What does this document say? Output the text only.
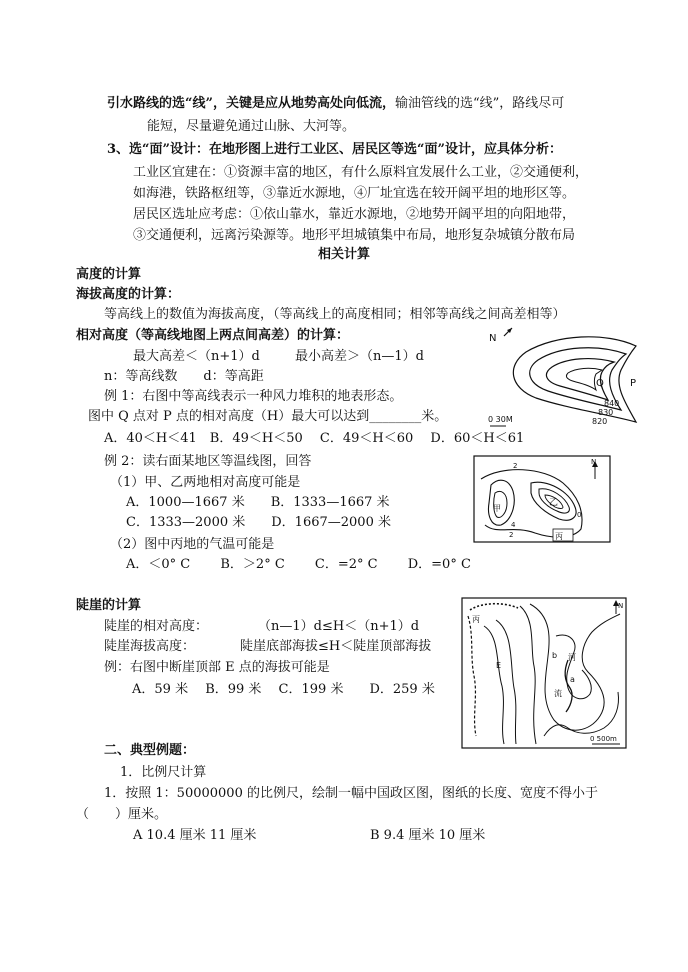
引水路线的选“线”，关键是应从地势高处向低流，输油管线的选“线”，路线尽可
能短，尽量避免通过山脉、大河等。
3、选“面”设计：在地形图上进行工业区、居民区等选“面”设计，应具体分析：
工业区宜建在：①资源丰富的地区，有什么原料宜发展什么工业，②交通便利，
如海港，铁路枢纽等，③靠近水源地，④厂址宜选在较开阔平坦的地形区等。
居民区选址应考虑：①依山靠水，靠近水源地，②地势开阔平坦的向阳地带，
③交通便利，远离污染源等。地形平坦城镇集中布局，地形复杂城镇分散布局
相关计算
高度的计算
海拔高度的计算：
等高线上的数值为海拔高度，（等高线上的高度相同；相邻等高线之间高差相等）
相对高度（等高线地图上两点间高差）的计算：
最大高差＜（n+1）d	最小高差＞（n—1）d
n：等高线数　　d：等高距
例 1：右图中等高线表示一种风力堆积的地表形态。
图中 Q 点对 P 点的相对高度（H）最大可以达到________米。
A．40＜H＜41　B．49＜H＜50　 C．49＜H＜60　 D．60＜H＜61
例 2：读右面某地区等温线图，回答
（1）甲、乙两地相对高度可能是
A．1000—1667 米　　B．1333—1667 米
C．1333—2000 米　　D．1667—2000 米
（2）图中丙地的气温可能是
A．＜0° C　　 B．＞2° C　　 C．=2° C　　 D．=0° C
陡崖的计算
陡崖的相对高度：	（n—1）d≤H＜（n+1）d
陡崖海拔高度：	陡崖底部海拔≤H＜陡崖顶部海拔
例：右图中断崖顶部 E 点的海拔可能是
A．59 米　 B．99 米　 C．199 米　　D．259 米
二、典型例题：
1．比例尺计算
1．按照 1：50000000 的比例尺，绘制一幅中国政区图，图纸的长度、宽度不得小于
（　　）厘米。
A 10.4 厘米 11 厘米	B 9.4 厘米 10 厘米
N
Q	P
840
830
820
0 30M
N
2
2
4
0
乙
甲
丙
N
丙
E
b
a
河
流
0 500m
